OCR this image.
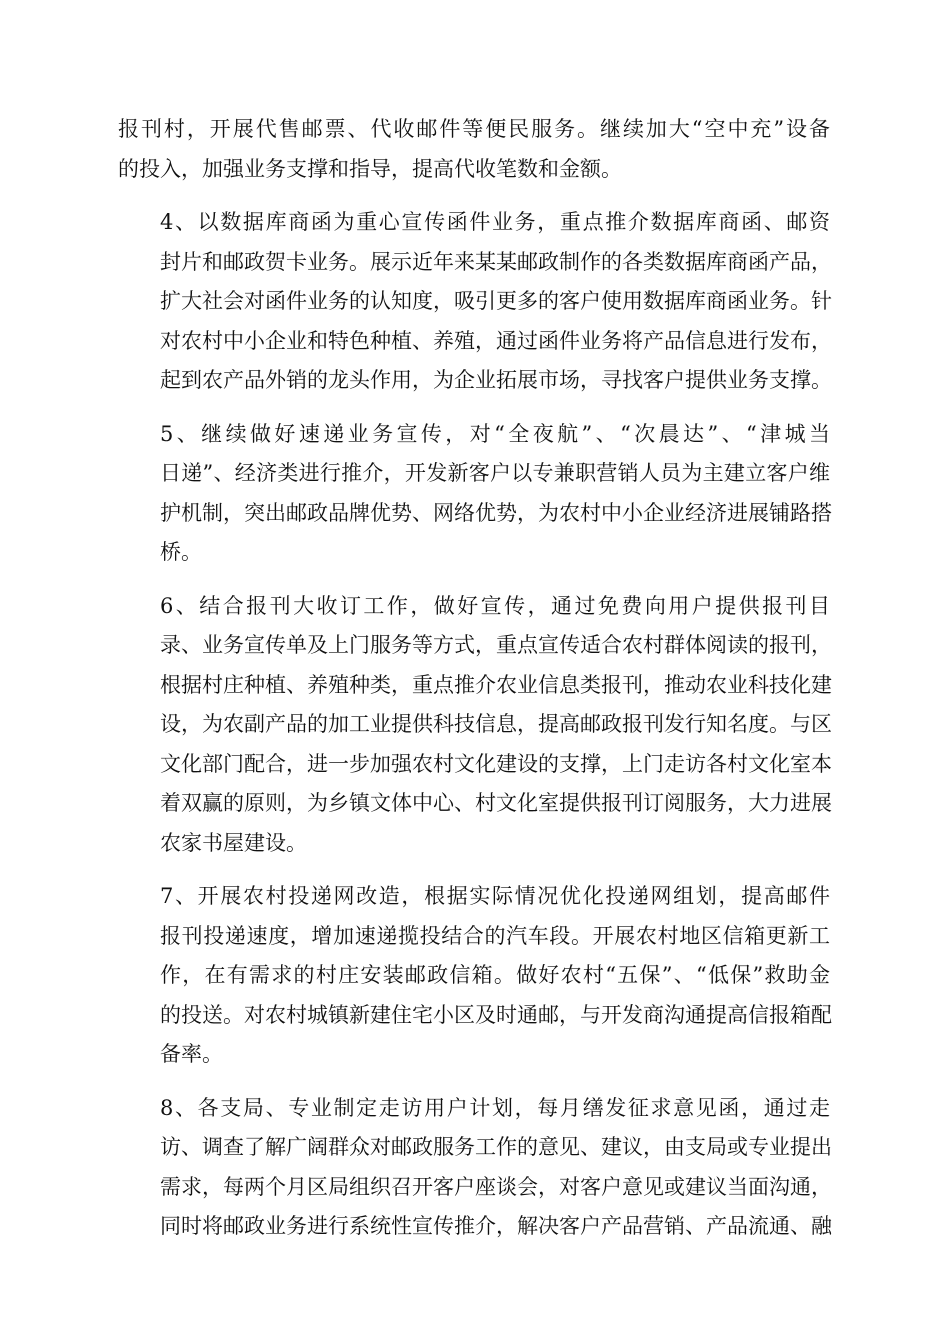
报刊村，开展代售邮票、代收邮件等便民服务。继续加大“空中充”设备
的投入，加强业务支撑和指导，提高代收笔数和金额。
4、以数据库商函为重心宣传函件业务，重点推介数据库商函、邮资
封片和邮政贺卡业务。展示近年来某某邮政制作的各类数据库商函产品，
扩大社会对函件业务的认知度，吸引更多的客户使用数据库商函业务。针
对农村中小企业和特色种植、养殖，通过函件业务将产品信息进行发布，
起到农产品外销的龙头作用，为企业拓展市场，寻找客户提供业务支撑。
5、继续做好速递业务宣传，对“全夜航”、“次晨达”、“津城当
日递”、经济类进行推介，开发新客户以专兼职营销人员为主建立客户维
护机制，突出邮政品牌优势、网络优势，为农村中小企业经济进展铺路搭
桥。
6、结合报刊大收订工作，做好宣传，通过免费向用户提供报刊目
录、业务宣传单及上门服务等方式，重点宣传适合农村群体阅读的报刊，
根据村庄种植、养殖种类，重点推介农业信息类报刊，推动农业科技化建
设，为农副产品的加工业提供科技信息，提高邮政报刊发行知名度。与区
文化部门配合，进一步加强农村文化建设的支撑，上门走访各村文化室本
着双赢的原则，为乡镇文体中心、村文化室提供报刊订阅服务，大力进展
农家书屋建设。
7、开展农村投递网改造，根据实际情况优化投递网组划，提高邮件
报刊投递速度，增加速递揽投结合的汽车段。开展农村地区信箱更新工
作，在有需求的村庄安装邮政信箱。做好农村“五保”、“低保”救助金
的投送。对农村城镇新建住宅小区及时通邮，与开发商沟通提高信报箱配
备率。
8、各支局、专业制定走访用户计划，每月缮发征求意见函，通过走
访、调查了解广阔群众对邮政服务工作的意见、建议，由支局或专业提出
需求，每两个月区局组织召开客户座谈会，对客户意见或建议当面沟通，
同时将邮政业务进行系统性宣传推介，解决客户产品营销、产品流通、融
